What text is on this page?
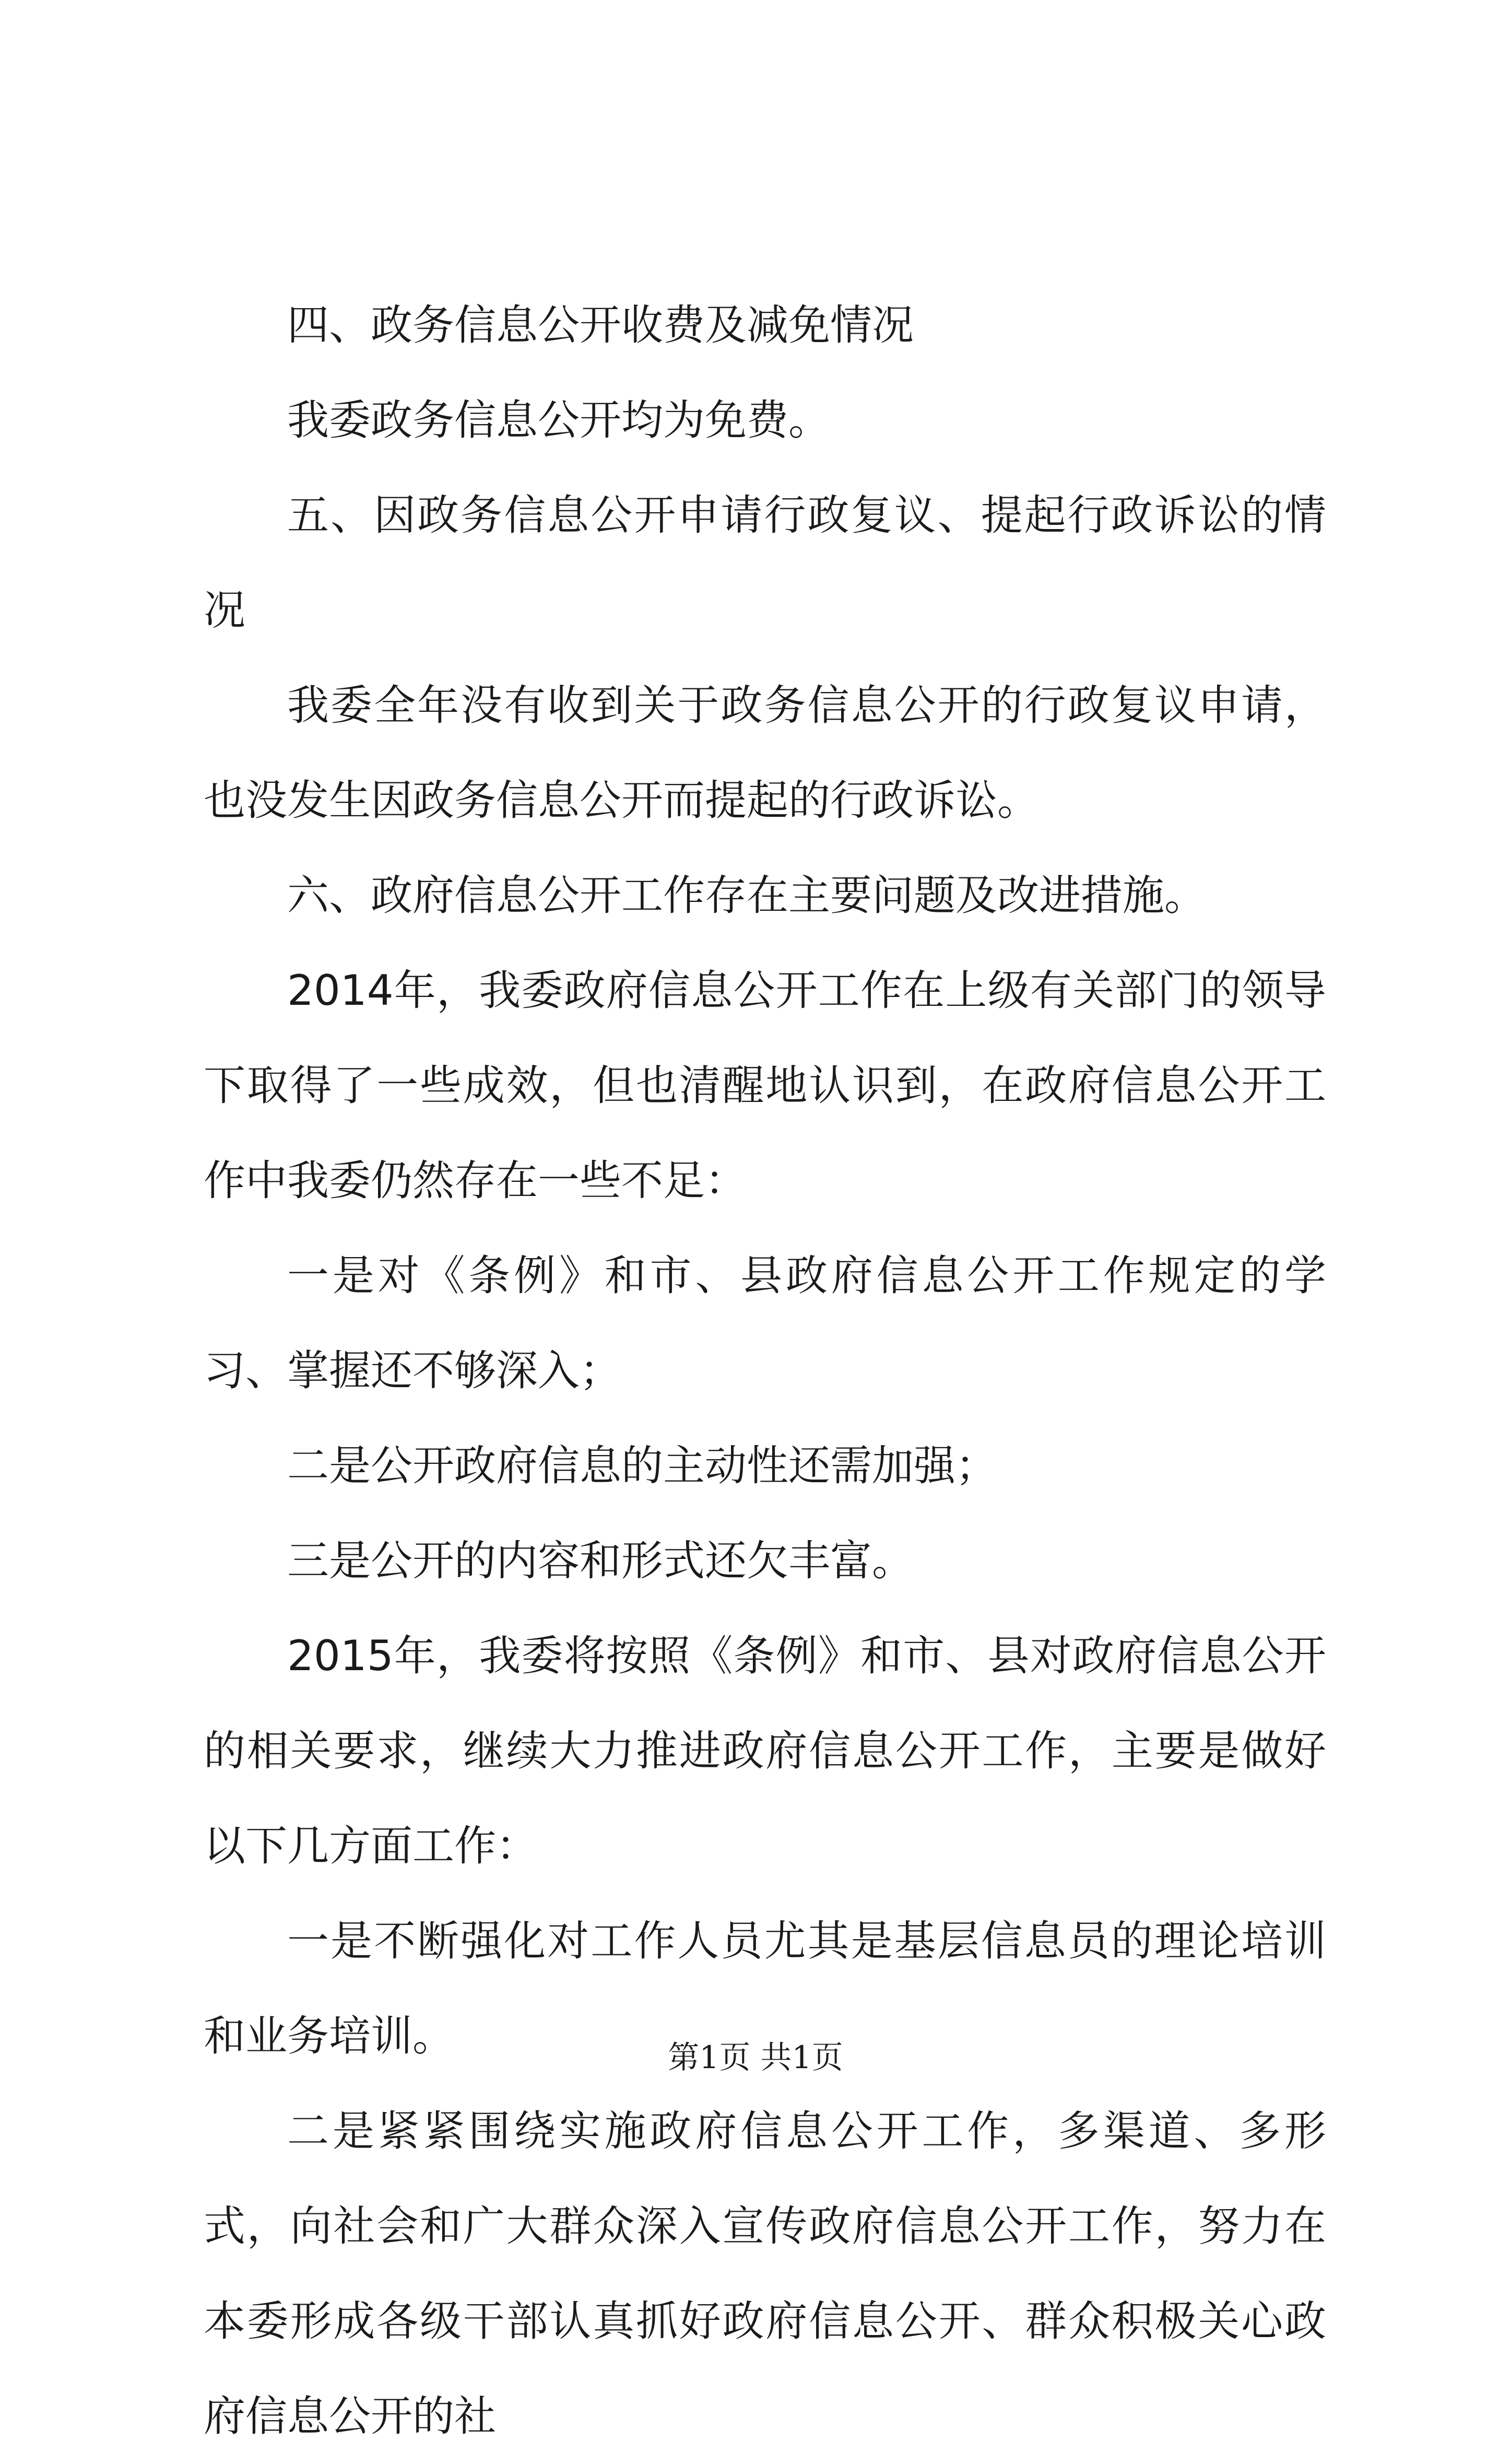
四、政务信息公开收费及减免情况

我委政务信息公开均为免费。

五、因政务信息公开申请行政复议、提起行政诉讼的情况

我委全年没有收到关于政务信息公开的行政复议申请，也没发生因政务信息公开而提起的行政诉讼。

六、政府信息公开工作存在主要问题及改进措施。

2014年，我委政府信息公开工作在上级有关部门的领导下取得了一些成效，但也清醒地认识到，在政府信息公开工作中我委仍然存在一些不足：

一是对《条例》和市、县政府信息公开工作规定的学习、掌握还不够深入；

二是公开政府信息的主动性还需加强；

三是公开的内容和形式还欠丰富。

2015年，我委将按照《条例》和市、县对政府信息公开的相关要求，继续大力推进政府信息公开工作，主要是做好以下几方面工作：

一是不断强化对工作人员尤其是基层信息员的理论培训和业务培训。

二是紧紧围绕实施政府信息公开工作，多渠道、多形式，向社会和广大群众深入宣传政府信息公开工作，努力在本委形成各级干部认真抓好政府信息公开、群众积极关心政府信息公开的社

第1页 共1页
